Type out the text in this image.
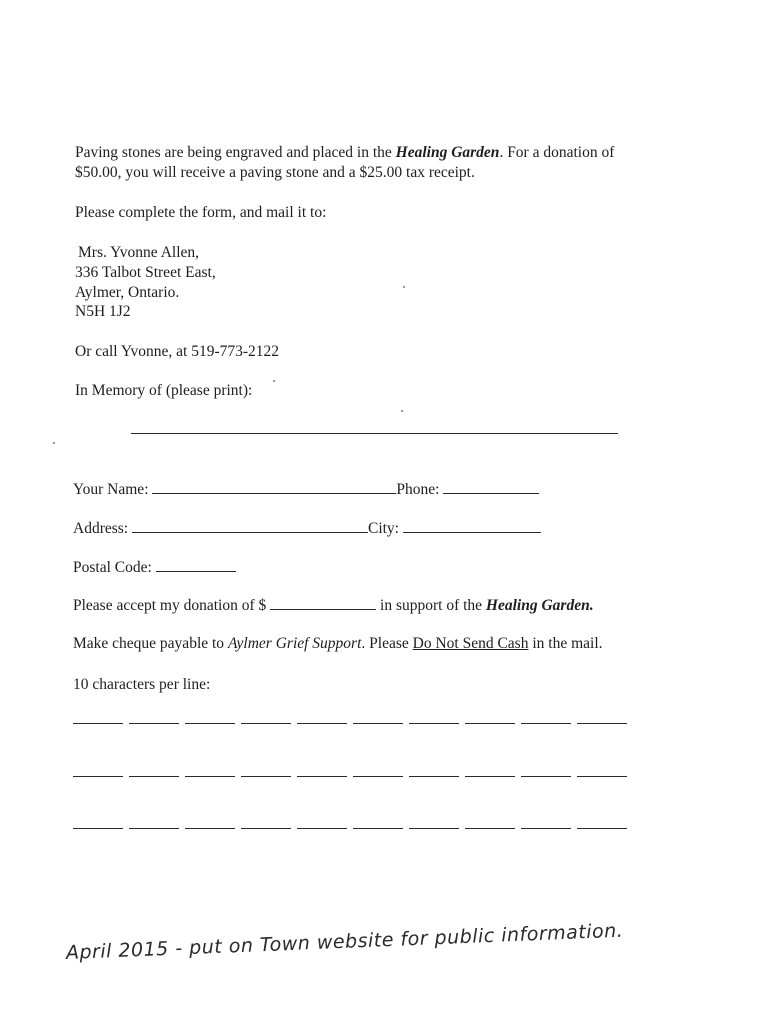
Paving stones are being engraved and placed in the Healing Garden. For a donation of
$50.00, you will receive a paving stone and a $25.00 tax receipt.
Please complete the form, and mail it to:
Mrs. Yvonne Allen,
336 Talbot Street East,
Aylmer, Ontario.
N5H 1J2
Or call Yvonne, at 519-773-2122
In Memory of (please print):
Your Name:	Phone:
Address:	City:
Postal Code:
Please accept my donation of $	in support of the Healing Garden.
Make cheque payable to Aylmer Grief Support. Please Do Not Send Cash in the mail.
10 characters per line:
April 2015 - put on Town website for public information.
